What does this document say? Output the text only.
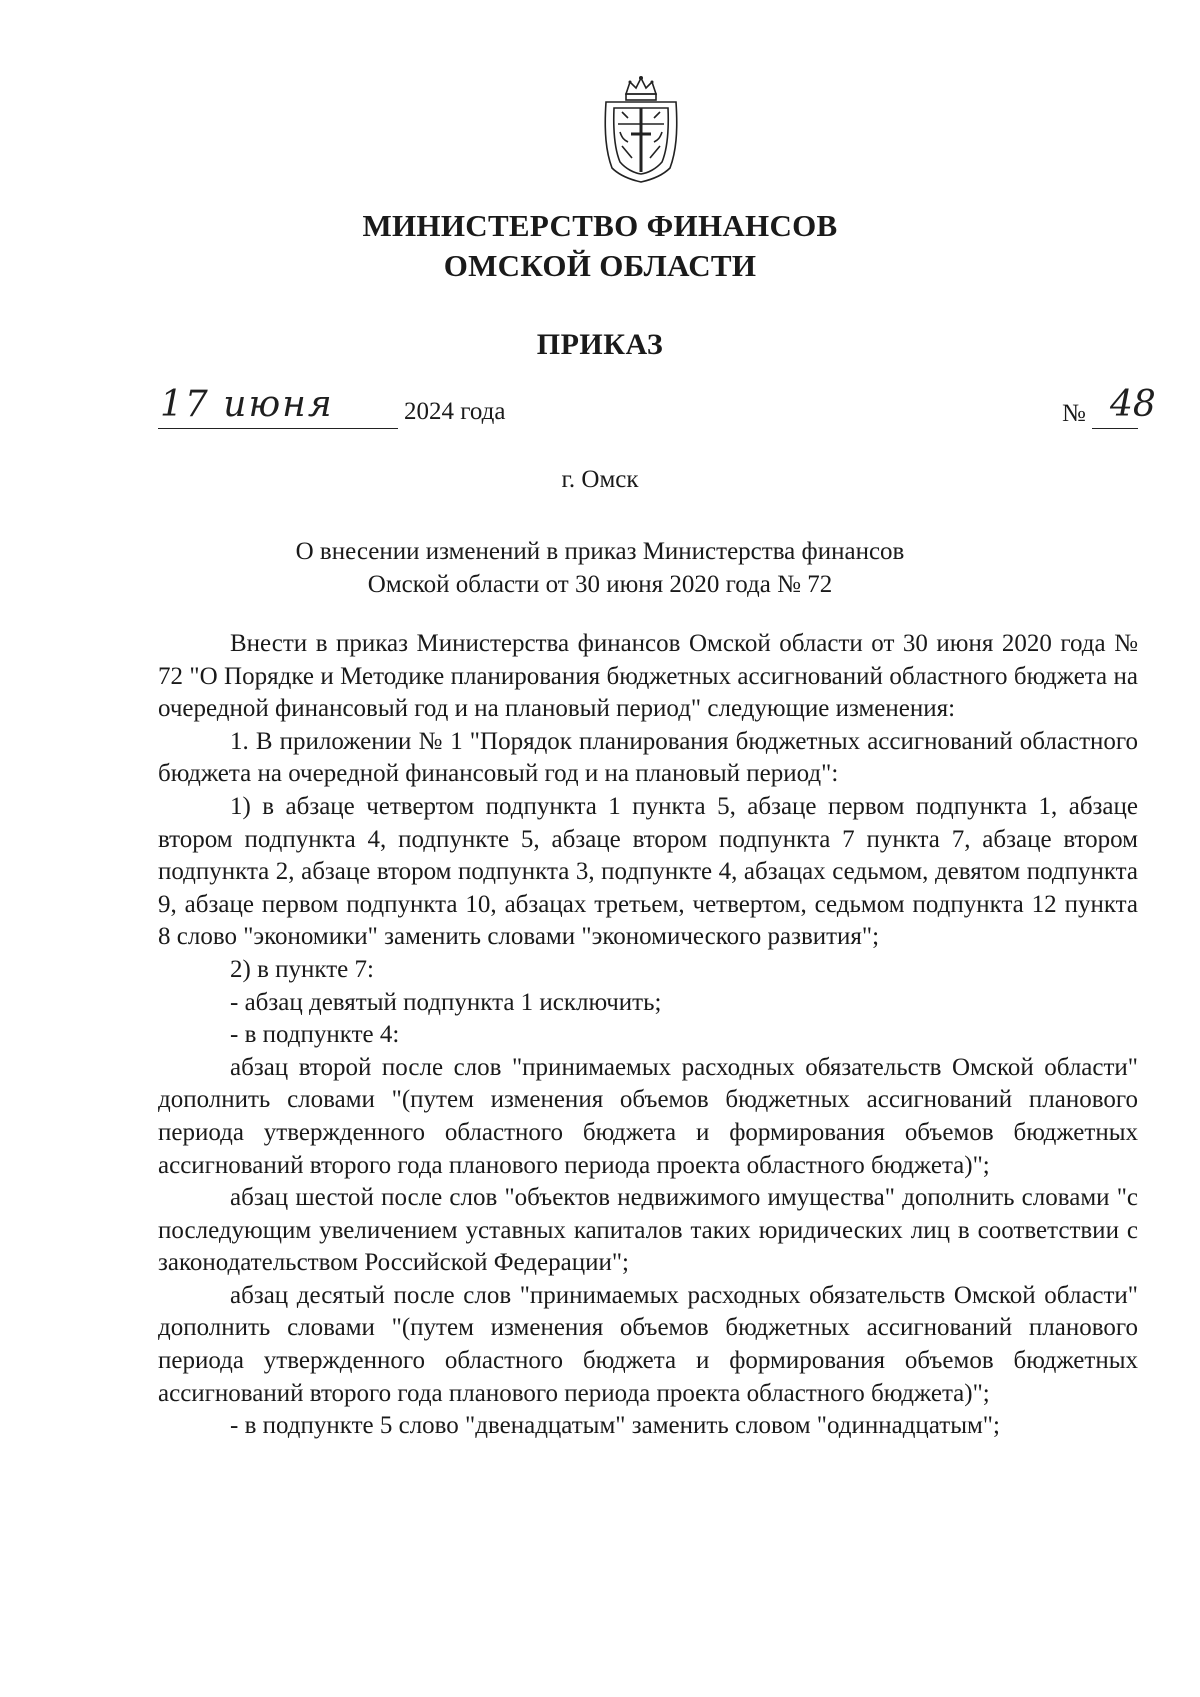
МИНИСТЕРСТВО ФИНАНСОВ
ОМСКОЙ ОБЛАСТИ
ПРИКАЗ
17 июня	2024 года	№ 48
г. Омск
О внесении изменений в приказ Министерства финансов
Омской области от 30 июня 2020 года № 72

Внести в приказ Министерства финансов Омской области от 30 июня 2020 года № 72 "О Порядке и Методике планирования бюджетных ассигнований областного бюджета на очередной финансовый год и на плановый период" следующие изменения:

1. В приложении № 1 "Порядок планирования бюджетных ассигнований областного бюджета на очередной финансовый год и на плановый период":

1) в абзаце четвертом подпункта 1 пункта 5, абзаце первом подпункта 1, абзаце втором подпункта 4, подпункте 5, абзаце втором подпункта 7 пункта 7, абзаце втором подпункта 2, абзаце втором подпункта 3, подпункте 4, абзацах седьмом, девятом подпункта 9, абзаце первом подпункта 10, абзацах третьем, четвертом, седьмом подпункта 12 пункта 8 слово "экономики" заменить словами "экономического развития";

2) в пункте 7:

- абзац девятый подпункта 1 исключить;

- в подпункте 4:

абзац второй после слов "принимаемых расходных обязательств Омской области" дополнить словами "(путем изменения объемов бюджетных ассигнований планового периода утвержденного областного бюджета и формирования объемов бюджетных ассигнований второго года планового периода проекта областного бюджета)";

абзац шестой после слов "объектов недвижимого имущества" дополнить словами "с последующим увеличением уставных капиталов таких юридических лиц в соответствии с законодательством Российской Федерации";

абзац десятый после слов "принимаемых расходных обязательств Омской области" дополнить словами "(путем изменения объемов бюджетных ассигнований планового периода утвержденного областного бюджета и формирования объемов бюджетных ассигнований второго года планового периода проекта областного бюджета)";

- в подпункте 5 слово "двенадцатым" заменить словом "одиннадцатым";
